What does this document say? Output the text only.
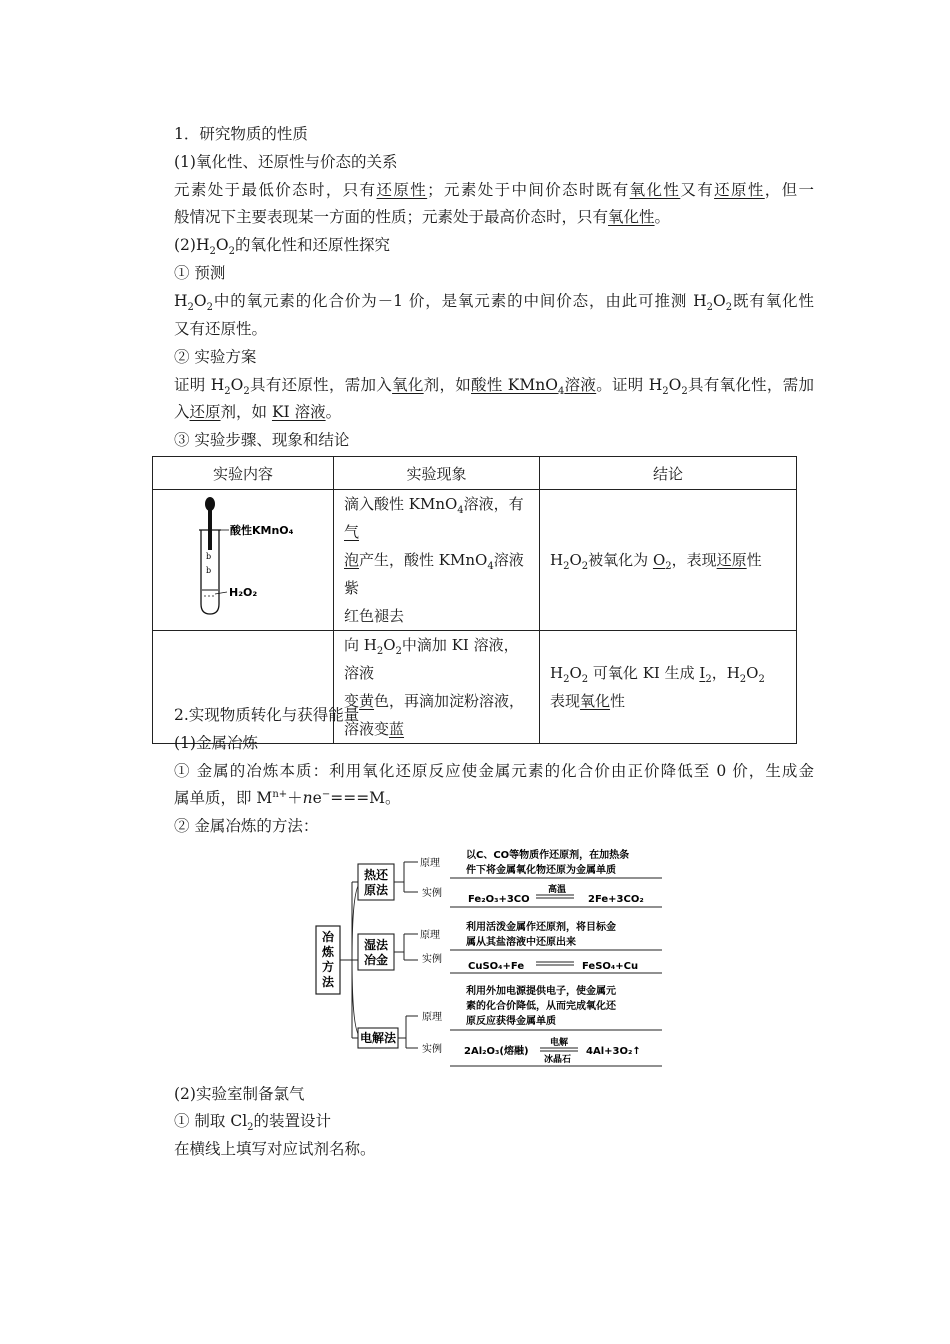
1．研究物质的性质
(1)氧化性、还原性与价态的关系
元素处于最低价态时，只有还原性；元素处于中间价态时既有氧化性又有还原性，但一
般情况下主要表现某一方面的性质；元素处于最高价态时，只有氧化性。
$(2)H_2O_2$的氧化性和还原性探究
① 预测
$H_2O_2$中的氧元素的化合价为－1 价，是氧元素的中间价态，由此可推测 $H_2O_2$既有氧化性
又有还原性。
② 实验方案
证明 $H_2O_2$具有还原性，需加入氧化剂，如酸性 KMnO$_4$溶液。证明 $H_2O_2$具有氧化性，需加
入还原剂，如 KI 溶液。
③ 实验步骤、现象和结论
实验内容	实验现象	结论

b
b
酸性KMnO₄
H₂O₂	滴入酸性 KMnO$_4$溶液，有气
泡产生，酸性 KMnO$_4$溶液紫
红色褪去	$H_2O_2$被氧化为 $O_2$，表现还原性
	向 $H_2O_2$中滴加 KI 溶液，溶液
变黄色，再滴加淀粉溶液，
溶液变蓝	$H_2O_2$ 可氧化 KI 生成 $I_2$，$H_2O_2$
表现氧化性
2.实现物质转化与获得能量
(1)金属冶炼
① 金属的冶炼本质：利用氧化还原反应使金属元素的化合价由正价降低至 0 价，生成金
属单质，即 $M^{n+}+ne^-===M$。
② 金属冶炼的方法：
冶
炼
方
法
热还
原法
原理
实例
以C、CO等物质作还原剂，在加热条
件下将金属氧化物还原为金属单质
Fe₂O₃+3CO
高温
2Fe+3CO₂
湿法
冶金
原理
实例
利用活泼金属作还原剂，将目标金
属从其盐溶液中还原出来
CuSO₄+Fe	FeSO₄+Cu
电解法
原理
实例
利用外加电源提供电子，使金属元
素的化合价降低，从而完成氧化还
原反应获得金属单质
2Al₂O₃(熔融)
电解
冰晶石
4Al+3O₂↑
(2)实验室制备氯气
① 制取 $Cl_2$的装置设计
在横线上填写对应试剂名称。
